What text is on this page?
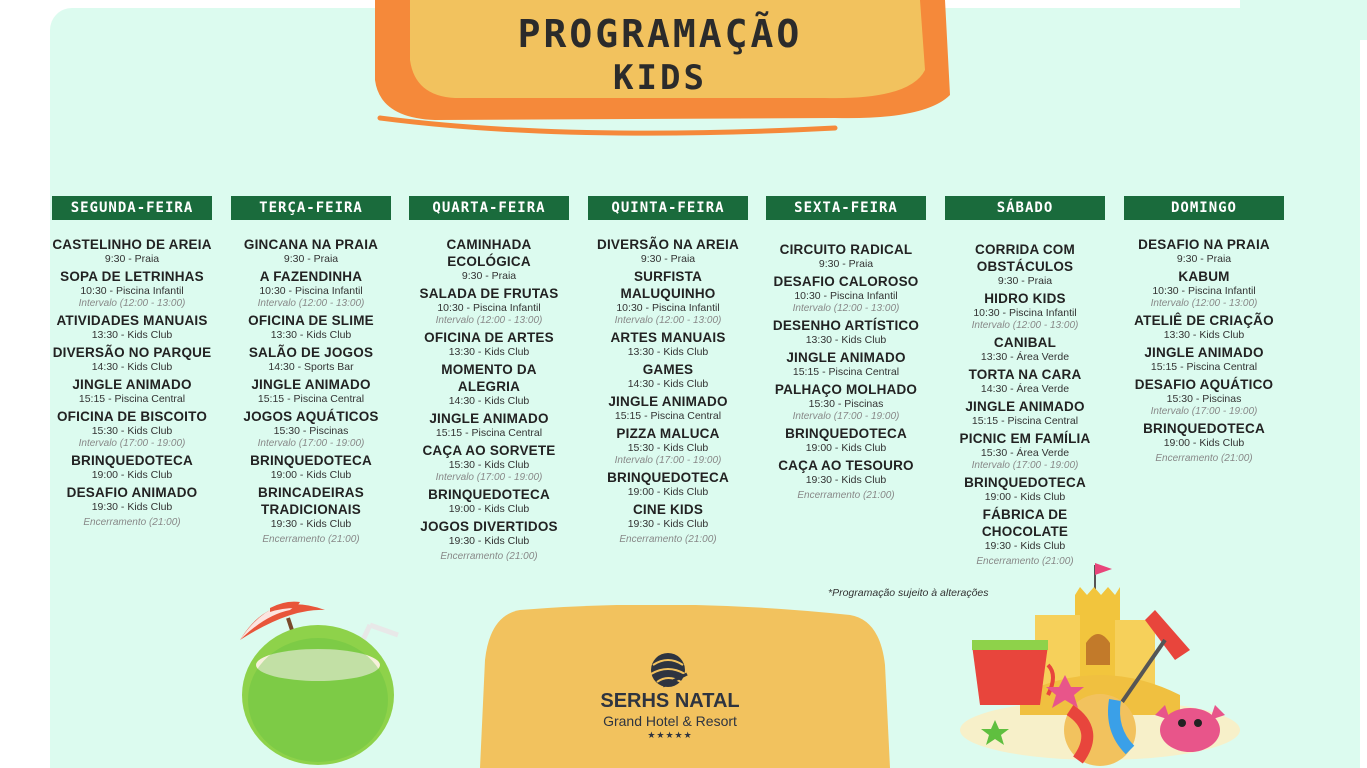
PROGRAMAÇÃO
KIDS
SEGUNDA-FEIRA
CASTELINHO DE AREIA
9:30 - Praia
SOPA DE LETRINHAS
10:30 - Piscina Infantil
Intervalo (12:00 - 13:00)
ATIVIDADES MANUAIS
13:30 - Kids Club
DIVERSÃO NO PARQUE
14:30 - Kids Club
JINGLE ANIMADO
15:15 - Piscina Central
OFICINA DE BISCOITO
15:30 - Kids Club
Intervalo (17:00 - 19:00)
BRINQUEDOTECA
19:00 - Kids Club
DESAFIO ANIMADO
19:30 - Kids Club
Encerramento (21:00)
TERÇA-FEIRA
GINCANA NA PRAIA
9:30 - Praia
A FAZENDINHA
10:30 - Piscina Infantil
Intervalo (12:00 - 13:00)
OFICINA DE SLIME
13:30 - Kids Club
SALÃO DE JOGOS
14:30 - Sports Bar
JINGLE ANIMADO
15:15 - Piscina Central
JOGOS AQUÁTICOS
15:30 - Piscinas
Intervalo (17:00 - 19:00)
BRINQUEDOTECA
19:00 - Kids Club
BRINCADEIRAS TRADICIONAIS
19:30 - Kids Club
Encerramento (21:00)
QUARTA-FEIRA
CAMINHADA ECOLÓGICA
9:30 - Praia
SALADA DE FRUTAS
10:30 - Piscina Infantil
Intervalo (12:00 - 13:00)
OFICINA DE ARTES
13:30 - Kids Club
MOMENTO DA ALEGRIA
14:30 - Kids Club
JINGLE ANIMADO
15:15 - Piscina Central
CAÇA AO SORVETE
15:30 - Kids Club
Intervalo (17:00 - 19:00)
BRINQUEDOTECA
19:00 - Kids Club
JOGOS DIVERTIDOS
19:30 - Kids Club
Encerramento (21:00)
QUINTA-FEIRA
DIVERSÃO NA AREIA
9:30 - Praia
SURFISTA MALUQUINHO
10:30 - Piscina Infantil
Intervalo (12:00 - 13:00)
ARTES MANUAIS
13:30 - Kids Club
GAMES
14:30 - Kids Club
JINGLE ANIMADO
15:15 - Piscina Central
PIZZA MALUCA
15:30 - Kids Club
Intervalo (17:00 - 19:00)
BRINQUEDOTECA
19:00 - Kids Club
CINE KIDS
19:30 - Kids Club
Encerramento (21:00)
SEXTA-FEIRA
CIRCUITO RADICAL
9:30 - Praia
DESAFIO CALOROSO
10:30 - Piscina Infantil
Intervalo (12:00 - 13:00)
DESENHO ARTÍSTICO
13:30 - Kids Club
JINGLE ANIMADO
15:15 - Piscina Central
PALHAÇO MOLHADO
15:30 - Piscinas
Intervalo (17:00 - 19:00)
BRINQUEDOTECA
19:00 - Kids Club
CAÇA AO TESOURO
19:30 - Kids Club
Encerramento (21:00)
SÁBADO
CORRIDA COM OBSTÁCULOS
9:30 - Praia
HIDRO KIDS
10:30 - Piscina Infantil
Intervalo (12:00 - 13:00)
CANIBAL
13:30 - Área Verde
TORTA NA CARA
14:30 - Área Verde
JINGLE ANIMADO
15:15 - Piscina Central
PICNIC EM FAMÍLIA
15:30 - Área Verde
Intervalo (17:00 - 19:00)
BRINQUEDOTECA
19:00 - Kids Club
FÁBRICA DE CHOCOLATE
19:30 - Kids Club
Encerramento (21:00)
DOMINGO
DESAFIO NA PRAIA
9:30 - Praia
KABUM
10:30 - Piscina Infantil
Intervalo (12:00 - 13:00)
ATELIÊ DE CRIAÇÃO
13:30 - Kids Club
JINGLE ANIMADO
15:15 - Piscina Central
DESAFIO AQUÁTICO
15:30 - Piscinas
Intervalo (17:00 - 19:00)
BRINQUEDOTECA
19:00 - Kids Club
Encerramento (21:00)
*Programação sujeito à alterações
SERHS NATAL
Grand Hotel & Resort
★★★★★
